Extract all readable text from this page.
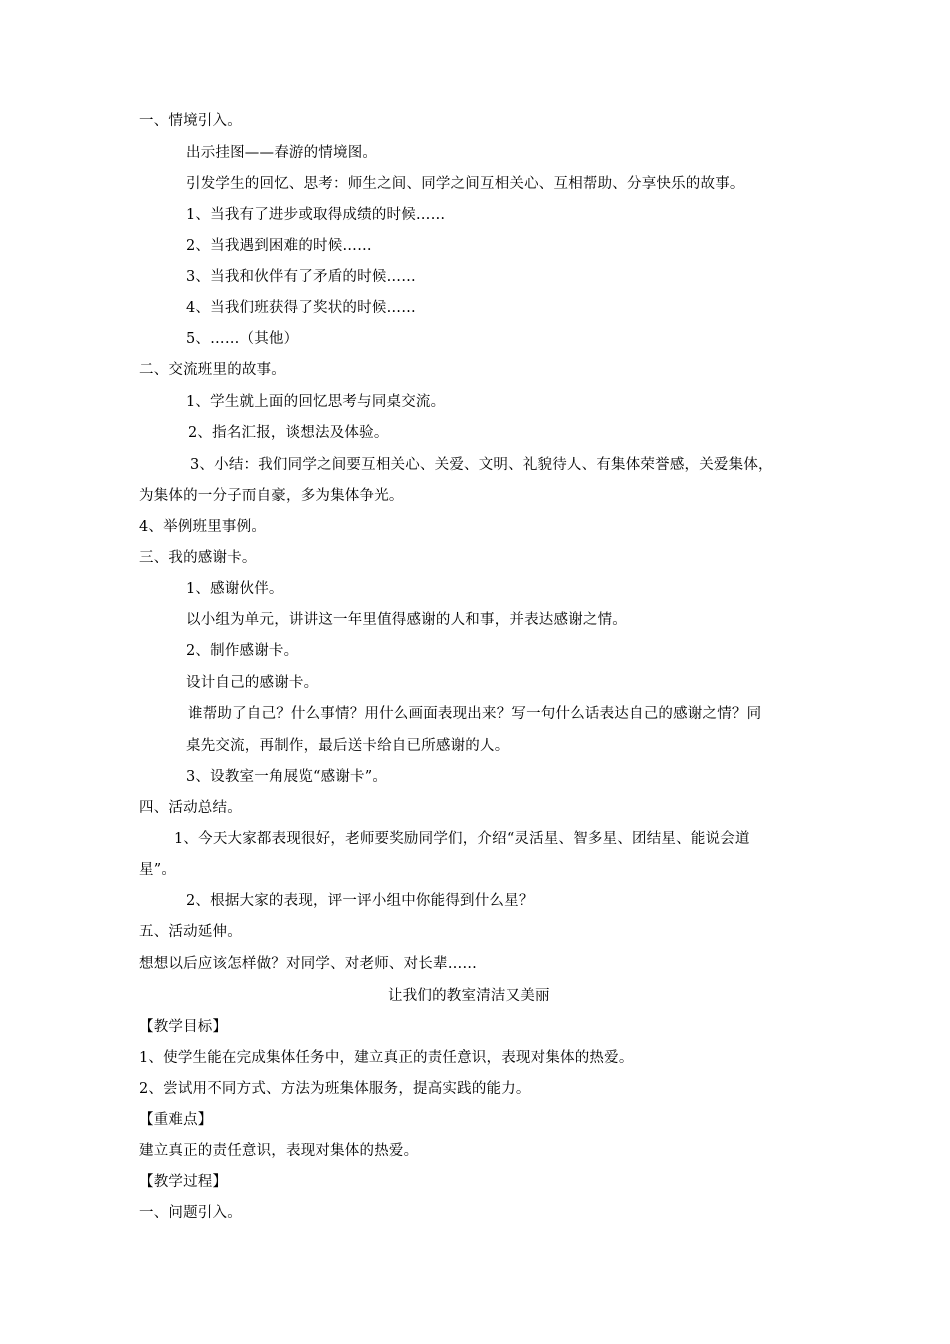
一、情境引入。
出示挂图——春游的情境图。
引发学生的回忆、思考：师生之间、同学之间互相关心、互相帮助、分享快乐的故事。
1、当我有了进步或取得成绩的时候……
2、当我遇到困难的时候……
3、当我和伙伴有了矛盾的时候……
4、当我们班获得了奖状的时候……
5、……（其他）
二、交流班里的故事。
1、学生就上面的回忆思考与同桌交流。
2、指名汇报，谈想法及体验。
3、小结：我们同学之间要互相关心、关爱、文明、礼貌待人、有集体荣誉感，关爱集体，
为集体的一分子而自豪，多为集体争光。
4、举例班里事例。
三、我的感谢卡。
1、感谢伙伴。
以小组为单元，讲讲这一年里值得感谢的人和事，并表达感谢之情。
2、制作感谢卡。
设计自己的感谢卡。
谁帮助了自己？什么事情？用什么画面表现出来？写一句什么话表达自己的感谢之情？同
桌先交流，再制作，最后送卡给自已所感谢的人。
3、设教室一角展览“感谢卡”。
四、活动总结。
1、今天大家都表现很好，老师要奖励同学们，介绍“灵活星、智多星、团结星、能说会道
星”。
2、根据大家的表现，评一评小组中你能得到什么星？
五、活动延伸。
想想以后应该怎样做？对同学、对老师、对长辈……
让我们的教室清洁又美丽
【教学目标】
1、使学生能在完成集体任务中，建立真正的责任意识，表现对集体的热爱。
2、尝试用不同方式、方法为班集体服务，提高实践的能力。
【重难点】
建立真正的责任意识，表现对集体的热爱。
【教学过程】
一、问题引入。
